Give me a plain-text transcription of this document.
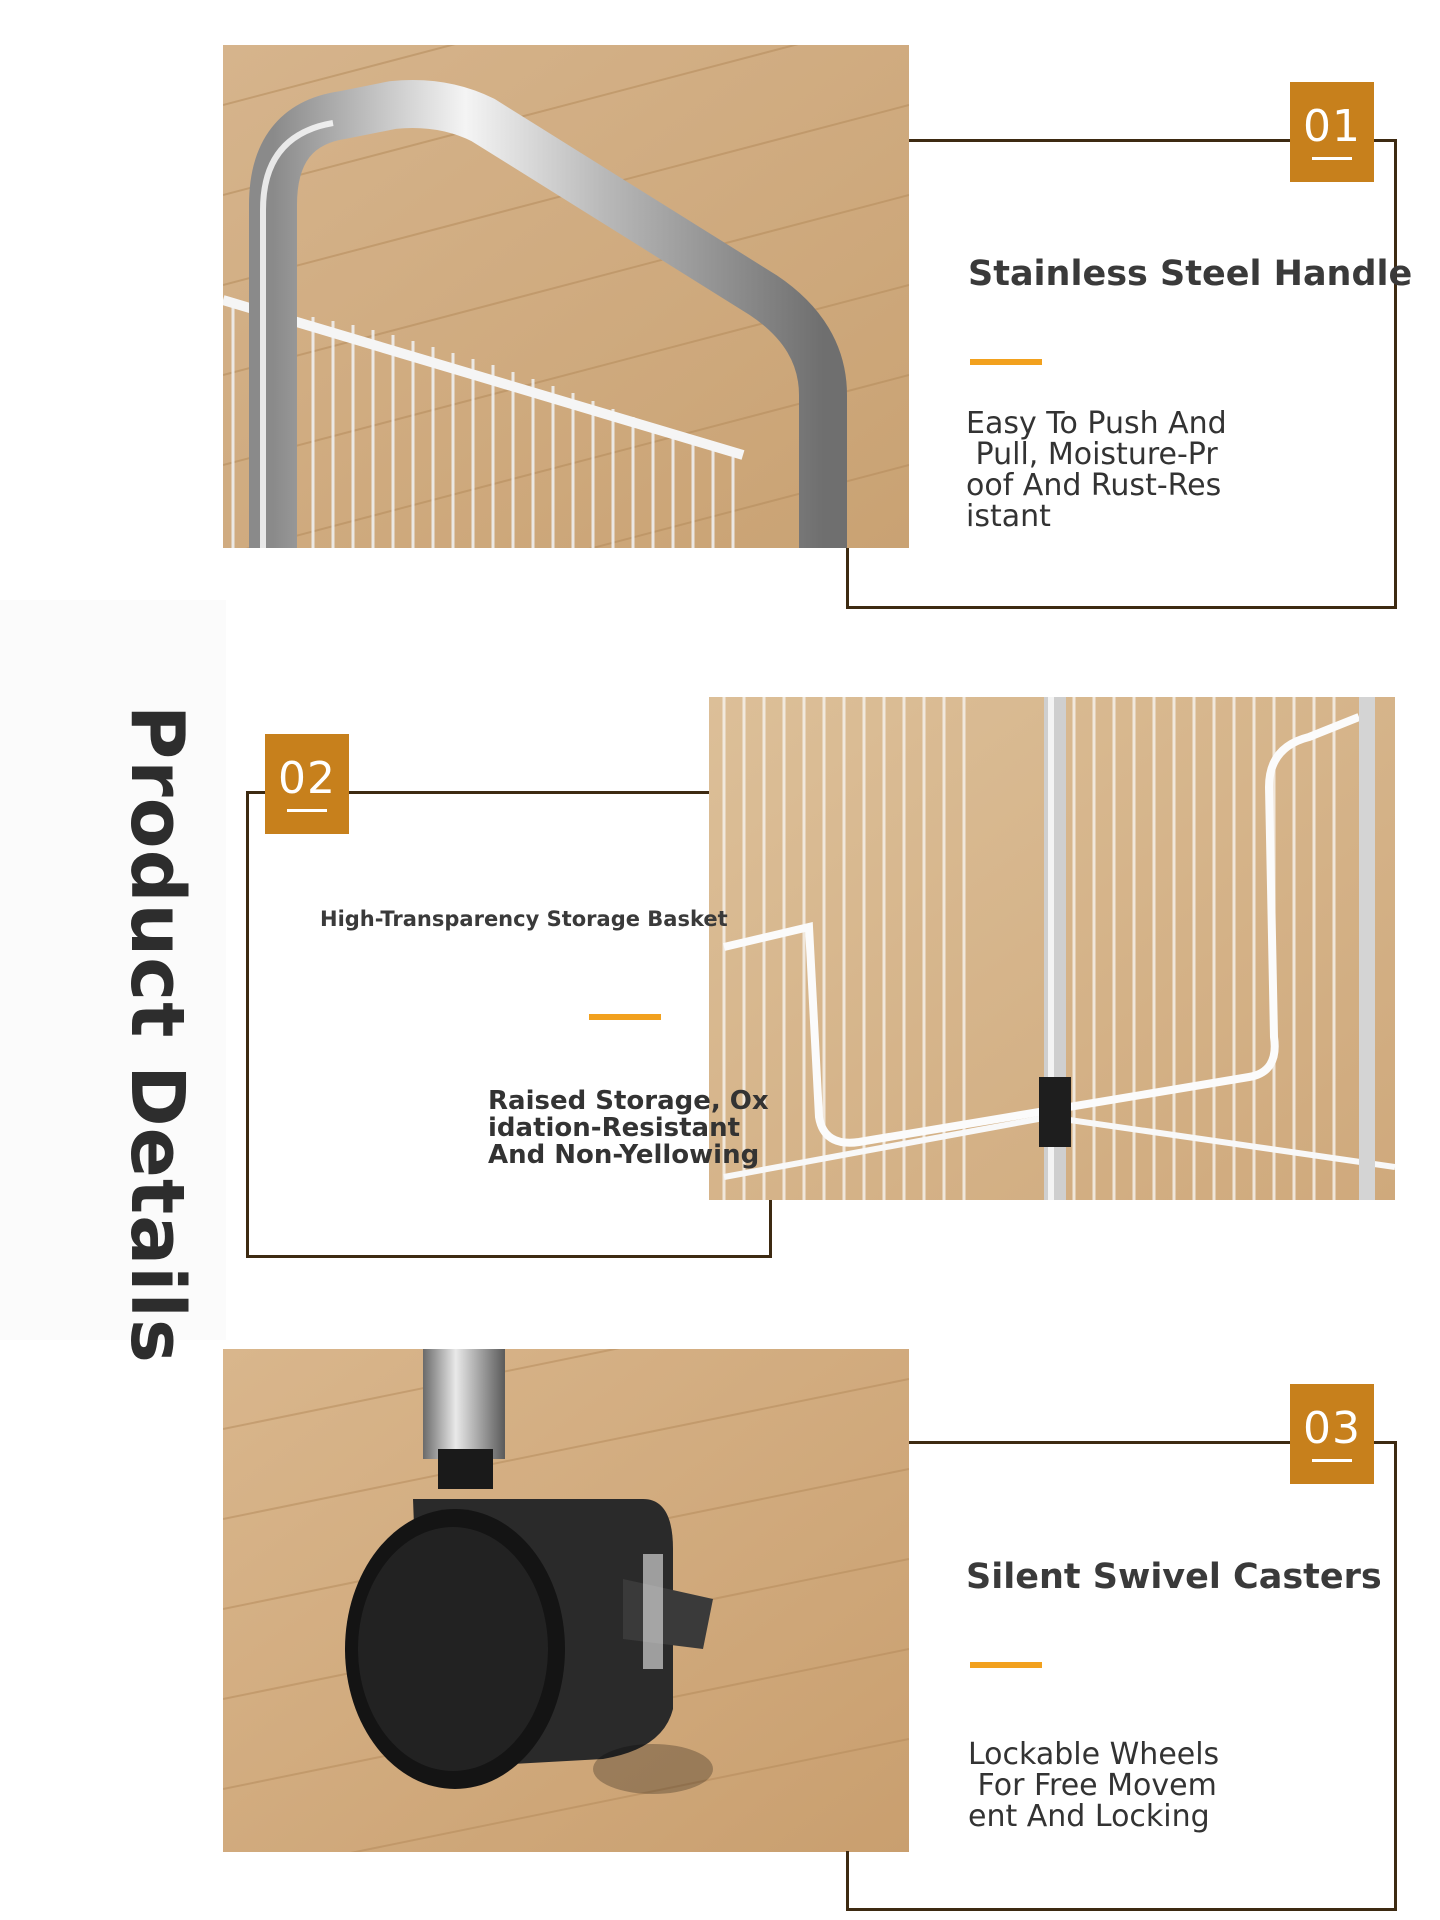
Product Details
01
Stainless Steel Handle
Easy To Push And
Pull, Moisture-Pr
oof And Rust-Res
istant
02
High-Transparency Storage Basket
Raised Storage, Ox
idation-Resistant
And Non-Yellowing
03
Silent Swivel Casters
Lockable Wheels
For Free Movem
ent And Locking
